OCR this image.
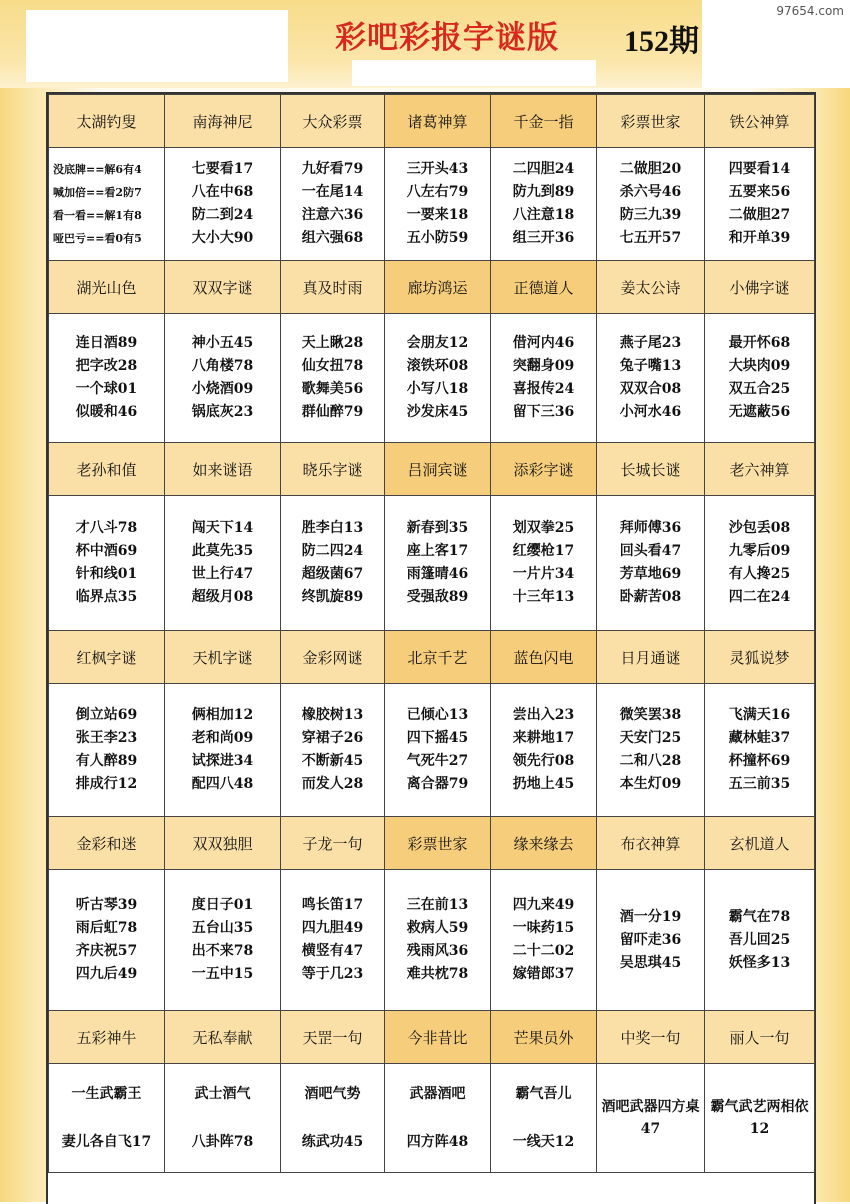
彩吧彩报字谜版 152期
97654.com
太湖钓叟	南海神尼	大众彩票	诸葛神算	千金一指	彩票世家	铁公神算

没底牌==解6有4
喊加倍==看2防7
看一看==解1有8
哑巴亏==看0有5	七要看17
八在中68
防二到24
大小大90	九好看79
一在尾14
注意六36
组六强68	三开头43
八左右79
一要来18
五小防59	二四胆24
防九到89
八注意18
组三开36	二做胆20
杀六号46
防三九39
七五开57	四要看14
五要来56
二做胆27
和开单39

湖光山色	双双字谜	真及时雨	廊坊鸿运	正德道人	姜太公诗	小佛字谜

连日酒89
把字改28
一个球01
似暖和46	神小五45
八角楼78
小烧酒09
锅底灰23	天上瞅28
仙女扭78
歌舞美56
群仙醉79	会朋友12
滚铁环08
小写八18
沙发床45	借河内46
突翻身09
喜报传24
留下三36	燕子尾23
兔子嘴13
双双合08
小河水46	最开怀68
大块肉09
双五合25
无遮蔽56

老孙和值	如来谜语	晓乐字谜	吕洞宾谜	添彩字谜	长城长谜	老六神算

才八斗78
杯中酒69
针和线01
临界点35	闯天下14
此莫先35
世上行47
超级月08	胜李白13
防二四24
超级菌67
终凯旋89	新春到35
座上客17
雨篷晴46
受强敌89	划双拳25
红缨枪17
一片片34
十三年13	拜师傅36
回头看47
芳草地69
卧薪苦08	沙包丢08
九零后09
有人搀25
四二在24

红枫字谜	天机字谜	金彩网谜	北京千艺	蓝色闪电	日月通谜	灵狐说梦

倒立站69
张王李23
有人醉89
排成行12	俩相加12
老和尚09
试探进34
配四八48	橡胶树13
穿裙子26
不断新45
而发人28	已倾心13
四下摇45
气死牛27
离合器79	尝出入23
来耕地17
领先行08
扔地上45	微笑罢38
天安门25
二和八28
本生灯09	飞满天16
藏林蛙37
杯撞杯69
五三前35

金彩和迷	双双独胆	子龙一句	彩票世家	缘来缘去	布衣神算	玄机道人

听古琴39
雨后虹78
齐庆祝57
四九后49	度日子01
五台山35
出不来78
一五中15	鸣长笛17
四九胆49
横竖有47
等于几23	三在前13
救病人59
残雨风36
难共枕78	四九来49
一味药15
二十二02
嫁错郎37	酒一分19
留吓走36
吴思琪45	霸气在78
吾儿回25
妖怪多13

五彩神牛	无私奉献	天罡一句	今非昔比	芒果员外	中奖一句	丽人一句

一生武霸王
妻儿各自飞17	武士酒气
八卦阵78	酒吧气势
练武功45	武器酒吧
四方阵48	霸气吾儿
一线天12	酒吧武器四方桌47	霸气武艺两相依12
